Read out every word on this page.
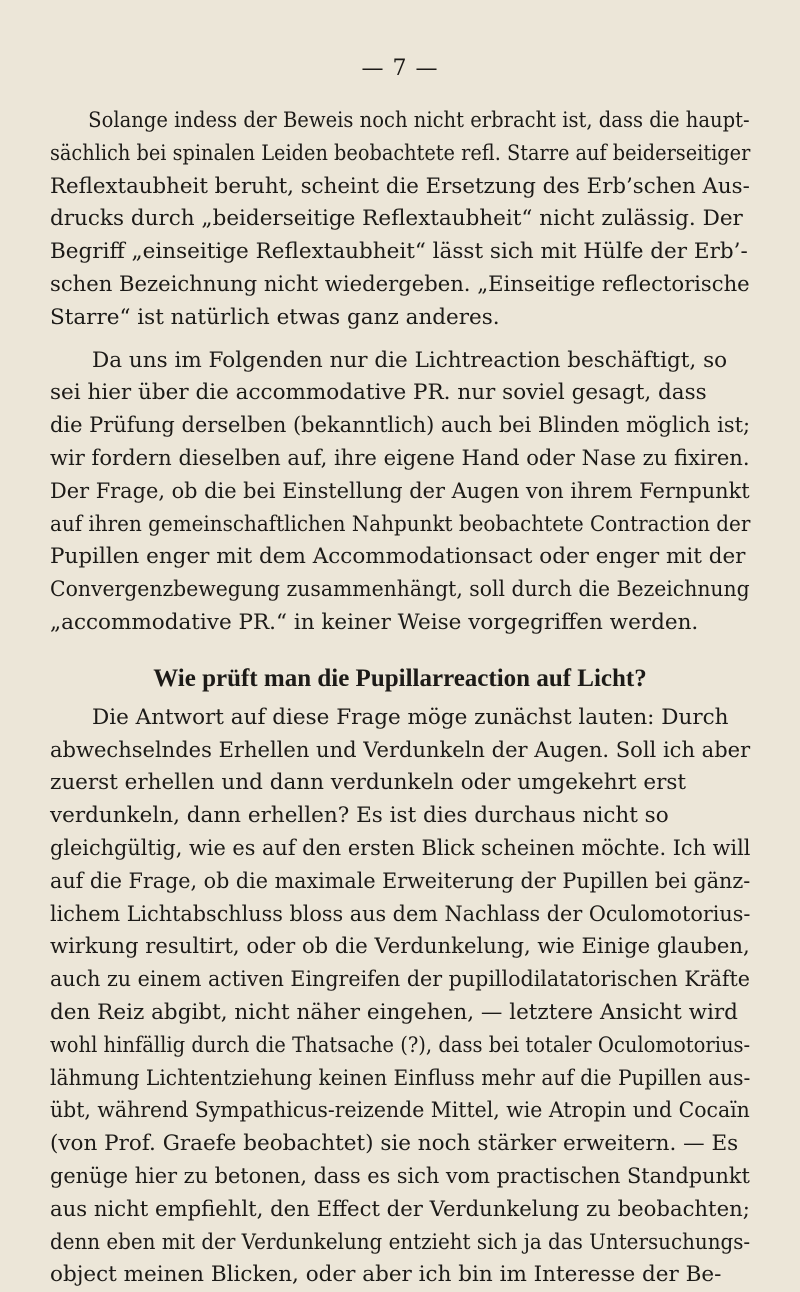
— 7 —

Solange indess der Beweis noch nicht erbracht ist, dass die haupt-
sächlich bei spinalen Leiden beobachtete refl. Starre auf beiderseitiger
Reflextaubheit beruht, scheint die Ersetzung des Erb’schen Aus-
drucks durch „beiderseitige Reflextaubheit“ nicht zulässig. Der
Begriff „einseitige Reflextaubheit“ lässt sich mit Hülfe der Erb’-
schen Bezeichnung nicht wiedergeben. „Einseitige reflectorische
Starre“ ist natürlich etwas ganz anderes.

Da uns im Folgenden nur die Lichtreaction beschäftigt, so
sei hier über die accommodative PR. nur soviel gesagt, dass
die Prüfung derselben (bekanntlich) auch bei Blinden möglich ist;
wir fordern dieselben auf, ihre eigene Hand oder Nase zu fixiren.
Der Frage, ob die bei Einstellung der Augen von ihrem Fernpunkt
auf ihren gemeinschaftlichen Nahpunkt beobachtete Contraction der
Pupillen enger mit dem Accommodationsact oder enger mit der
Convergenzbewegung zusammenhängt, soll durch die Bezeichnung
„accommodative PR.“ in keiner Weise vorgegriffen werden.

Wie prüft man die Pupillarreaction auf Licht?

Die Antwort auf diese Frage möge zunächst lauten: Durch
abwechselndes Erhellen und Verdunkeln der Augen. Soll ich aber
zuerst erhellen und dann verdunkeln oder umgekehrt erst
verdunkeln, dann erhellen? Es ist dies durchaus nicht so
gleichgültig, wie es auf den ersten Blick scheinen möchte. Ich will
auf die Frage, ob die maximale Erweiterung der Pupillen bei gänz-
lichem Lichtabschluss bloss aus dem Nachlass der Oculomotorius-
wirkung resultirt, oder ob die Verdunkelung, wie Einige glauben,
auch zu einem activen Eingreifen der pupillodilatatorischen Kräfte
den Reiz abgibt, nicht näher eingehen, — letztere Ansicht wird
wohl hinfällig durch die Thatsache (?), dass bei totaler Oculomotorius-
lähmung Lichtentziehung keinen Einfluss mehr auf die Pupillen aus-
übt, während Sympathicus-reizende Mittel, wie Atropin und Cocaïn
(von Prof. Graefe beobachtet) sie noch stärker erweitern. — Es
genüge hier zu betonen, dass es sich vom practischen Standpunkt
aus nicht empfiehlt, den Effect der Verdunkelung zu beobachten;
denn eben mit der Verdunkelung entzieht sich ja das Untersuchungs-
object meinen Blicken, oder aber ich bin im Interesse der Be-
